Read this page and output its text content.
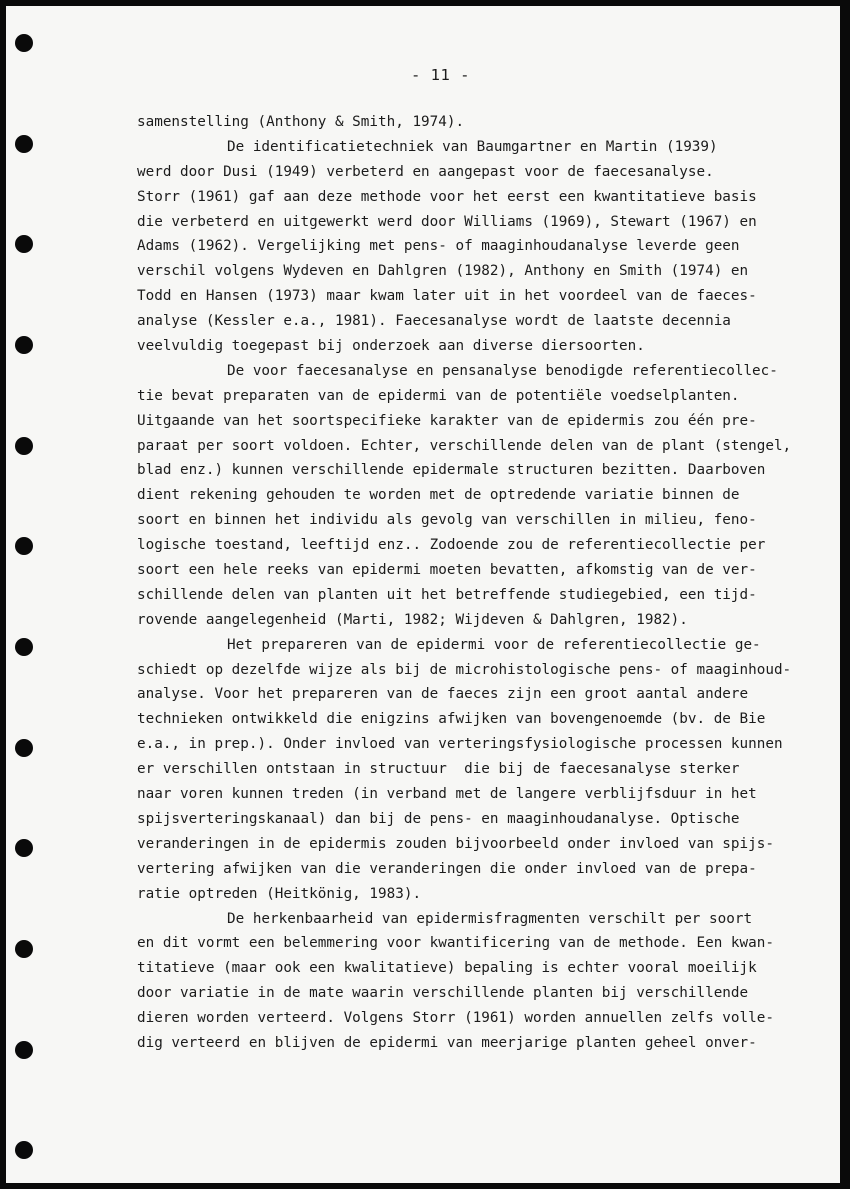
- 11 -
samenstelling (Anthony & Smith, 1974).
De identificatietechniek van Baumgartner en Martin (1939)
werd door Dusi (1949) verbeterd en aangepast voor de faecesanalyse.
Storr (1961) gaf aan deze methode voor het eerst een kwantitatieve basis
die verbeterd en uitgewerkt werd door Williams (1969), Stewart (1967) en
Adams (1962). Vergelijking met pens- of maaginhoudanalyse leverde geen
verschil volgens Wydeven en Dahlgren (1982), Anthony en Smith (1974) en
Todd en Hansen (1973) maar kwam later uit in het voordeel van de faeces-
analyse (Kessler e.a., 1981). Faecesanalyse wordt de laatste decennia
veelvuldig toegepast bij onderzoek aan diverse diersoorten.
De voor faecesanalyse en pensanalyse benodigde referentiecollec-
tie bevat preparaten van de epidermi van de potentiële voedselplanten.
Uitgaande van het soortspecifieke karakter van de epidermis zou één pre-
paraat per soort voldoen. Echter, verschillende delen van de plant (stengel,
blad enz.) kunnen verschillende epidermale structuren bezitten. Daarboven
dient rekening gehouden te worden met de optredende variatie binnen de
soort en binnen het individu als gevolg van verschillen in milieu, feno-
logische toestand, leeftijd enz.. Zodoende zou de referentiecollectie per
soort een hele reeks van epidermi moeten bevatten, afkomstig van de ver-
schillende delen van planten uit het betreffende studiegebied, een tijd-
rovende aangelegenheid (Marti, 1982; Wijdeven & Dahlgren, 1982).
Het prepareren van de epidermi voor de referentiecollectie ge-
schiedt op dezelfde wijze als bij de microhistologische pens- of maaginhoud-
analyse. Voor het prepareren van de faeces zijn een groot aantal andere
technieken ontwikkeld die enigzins afwijken van bovengenoemde (bv. de Bie
e.a., in prep.). Onder invloed van verteringsfysiologische processen kunnen
er verschillen ontstaan in structuur  die bij de faecesanalyse sterker
naar voren kunnen treden (in verband met de langere verblijfsduur in het
spijsverteringskanaal) dan bij de pens- en maaginhoudanalyse. Optische
veranderingen in de epidermis zouden bijvoorbeeld onder invloed van spijs-
vertering afwijken van die veranderingen die onder invloed van de prepa-
ratie optreden (Heitkönig, 1983).
De herkenbaarheid van epidermisfragmenten verschilt per soort
en dit vormt een belemmering voor kwantificering van de methode. Een kwan-
titatieve (maar ook een kwalitatieve) bepaling is echter vooral moeilijk
door variatie in de mate waarin verschillende planten bij verschillende
dieren worden verteerd. Volgens Storr (1961) worden annuellen zelfs volle-
dig verteerd en blijven de epidermi van meerjarige planten geheel onver-
